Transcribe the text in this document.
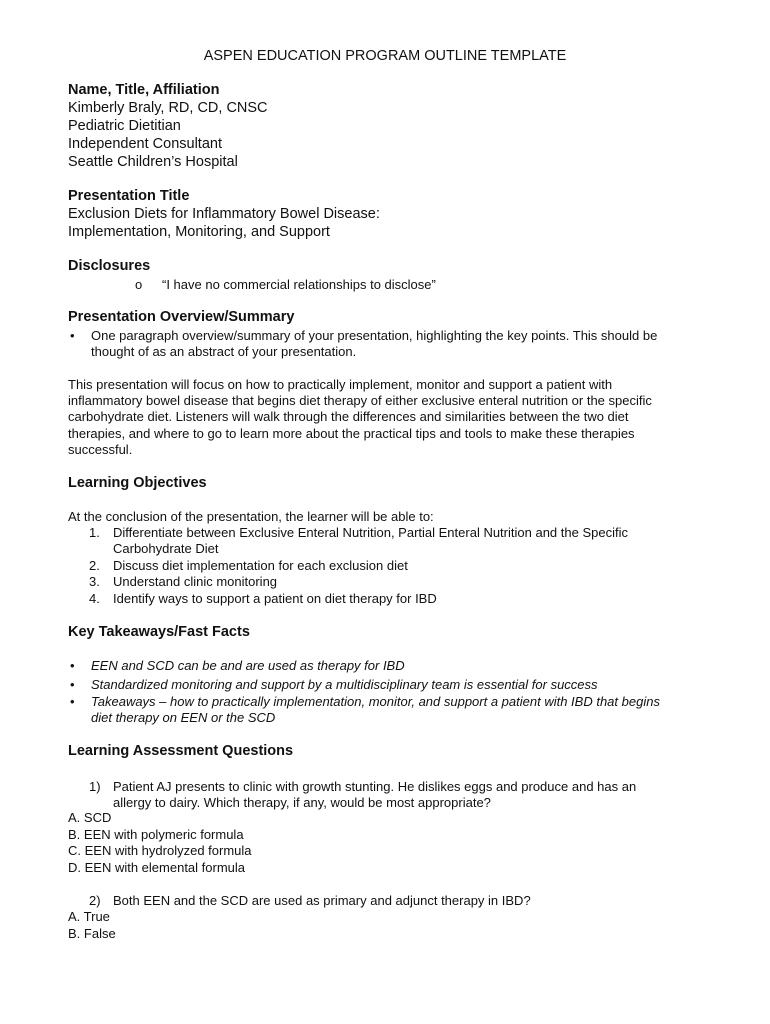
ASPEN EDUCATION PROGRAM OUTLINE TEMPLATE
Name, Title, Affiliation
Kimberly Braly, RD, CD, CNSC
Pediatric Dietitian
Independent Consultant
Seattle Children’s Hospital
Presentation Title
Exclusion Diets for Inflammatory Bowel Disease:
Implementation, Monitoring, and Support
Disclosures
o “I have no commercial relationships to disclose”
Presentation Overview/Summary
• One paragraph overview/summary of your presentation, highlighting the key points. This should be
thought of as an abstract of your presentation.
This presentation will focus on how to practically implement, monitor and support a patient with
inflammatory bowel disease that begins diet therapy of either exclusive enteral nutrition or the specific
carbohydrate diet. Listeners will walk through the differences and similarities between the two diet
therapies, and where to go to learn more about the practical tips and tools to make these therapies
successful.
Learning Objectives
At the conclusion of the presentation, the learner will be able to:
1. Differentiate between Exclusive Enteral Nutrition, Partial Enteral Nutrition and the Specific
Carbohydrate Diet
2. Discuss diet implementation for each exclusion diet
3. Understand clinic monitoring
4. Identify ways to support a patient on diet therapy for IBD
Key Takeaways/Fast Facts
• EEN and SCD can be and are used as therapy for IBD
• Standardized monitoring and support by a multidisciplinary team is essential for success
• Takeaways – how to practically implementation, monitor, and support a patient with IBD that begins
diet therapy on EEN or the SCD
Learning Assessment Questions
1) Patient AJ presents to clinic with growth stunting. He dislikes eggs and produce and has an
allergy to dairy. Which therapy, if any, would be most appropriate?
A. SCD
B. EEN with polymeric formula
C. EEN with hydrolyzed formula
D. EEN with elemental formula
2) Both EEN and the SCD are used as primary and adjunct therapy in IBD?
A. True
B. False
